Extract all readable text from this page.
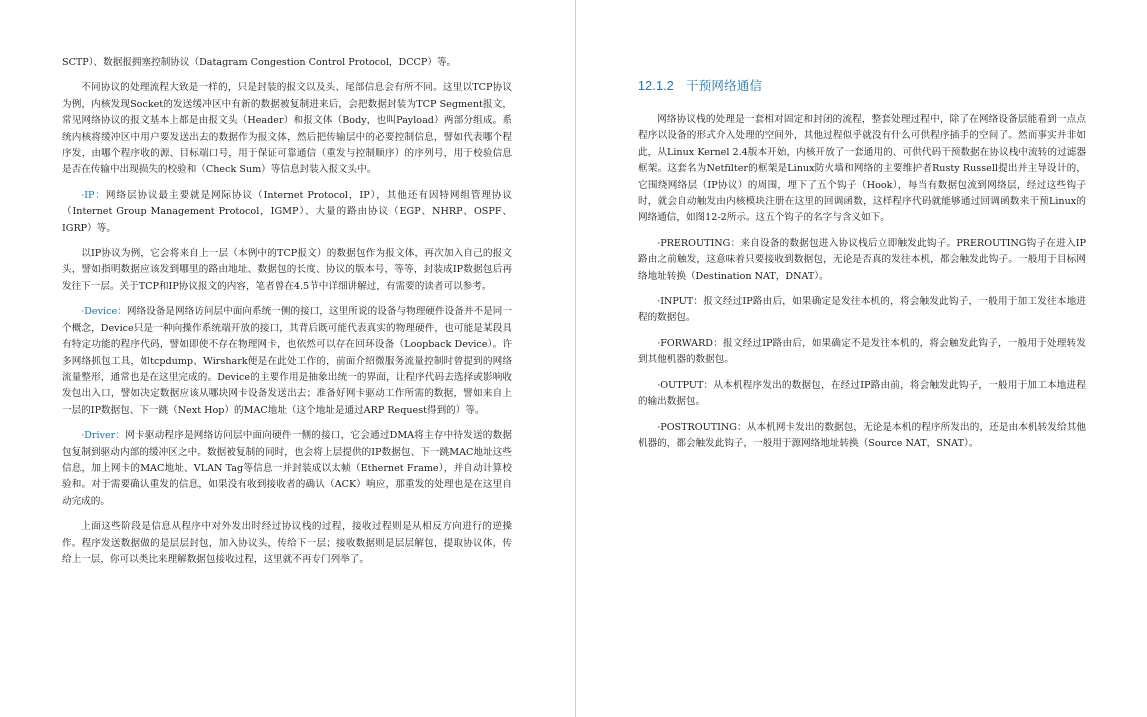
SCTP）、数据报拥塞控制协议（Datagram Congestion Control Protocol，DCCP）等。

不同协议的处理流程大致是一样的，只是封装的报文以及头、尾部信息会有所不同。这里以TCP协议为例，内核发现Socket的发送缓冲区中有新的数据被复制进来后，会把数据封装为TCP Segment报文，常见网络协议的报文基本上都是由报文头（Header）和报文体（Body，也叫Payload）两部分组成。系统内核将缓冲区中用户要发送出去的数据作为报文体，然后把传输层中的必要控制信息，譬如代表哪个程序发，由哪个程序收的源、目标端口号，用于保证可靠通信（重发与控制顺序）的序列号，用于校验信息是否在传输中出现损失的校验和（Check Sum）等信息封装入报文头中。

·IP：网络层协议最主要就是网际协议（Internet Protocol，IP），其他还有因特网组管理协议（Internet Group Management Protocol，IGMP）、大量的路由协议（EGP、NHRP、OSPF、IGRP）等。

以IP协议为例，它会将来自上一层（本例中的TCP报文）的数据包作为报文体，再次加入自己的报文头，譬如指明数据应该发到哪里的路由地址、数据包的长度、协议的版本号，等等，封装成IP数据包后再发往下一层。关于TCP和IP协议报文的内容，笔者曾在4.5节中详细讲解过，有需要的读者可以参考。

·Device：网络设备是网络访问层中面向系统一侧的接口，这里所说的设备与物理硬件设备并不是同一个概念，Device只是一种向操作系统端开放的接口，其背后既可能代表真实的物理硬件，也可能是某段具有特定功能的程序代码，譬如即使不存在物理网卡，也依然可以存在回环设备（Loopback Device）。许多网络抓包工具，如tcpdump、Wirshark便是在此处工作的，前面介绍微服务流量控制时曾提到的网络流量整形，通常也是在这里完成的。Device的主要作用是抽象出统一的界面，让程序代码去选择或影响收发包出入口，譬如决定数据应该从哪块网卡设备发送出去；准备好网卡驱动工作所需的数据，譬如来自上一层的IP数据包、下一跳（Next Hop）的MAC地址（这个地址是通过ARP Request得到的）等。

·Driver：网卡驱动程序是网络访问层中面向硬件一侧的接口，它会通过DMA将主存中待发送的数据包复制到驱动内部的缓冲区之中。数据被复制的同时，也会将上层提供的IP数据包、下一跳MAC地址这些信息，加上网卡的MAC地址、VLAN Tag等信息一并封装成以太帧（Ethernet Frame），并自动计算校验和。对于需要确认重发的信息，如果没有收到接收者的确认（ACK）响应，那重发的处理也是在这里自动完成的。

上面这些阶段是信息从程序中对外发出时经过协议栈的过程，接收过程则是从相反方向进行的逆操作。程序发送数据做的是层层封包，加入协议头，传给下一层；接收数据则是层层解包，提取协议体，传给上一层，你可以类比来理解数据包接收过程，这里就不再专门列举了。

12.1.2 干预网络通信

网络协议栈的处理是一套相对固定和封闭的流程，整套处理过程中，除了在网络设备层能看到一点点程序以设备的形式介入处理的空间外，其他过程似乎就没有什么可供程序插手的空间了。然而事实并非如此，从Linux Kernel 2.4版本开始，内核开放了一套通用的、可供代码干预数据在协议栈中流转的过滤器框架。这套名为Netfilter的框架是Linux防火墙和网络的主要维护者Rusty Russell提出并主导设计的，它围绕网络层（IP协议）的周围，埋下了五个钩子（Hook），每当有数据包流到网络层，经过这些钩子时，就会自动触发由内核模块注册在这里的回调函数，这样程序代码就能够通过回调函数来干预Linux的网络通信，如图12-2所示。这五个钩子的名字与含义如下。

·PREROUTING：来自设备的数据包进入协议栈后立即触发此钩子。PREROUTING钩子在进入IP路由之前触发，这意味着只要接收到数据包，无论是否真的发往本机，都会触发此钩子。一般用于目标网络地址转换（Destination NAT，DNAT）。

·INPUT：报文经过IP路由后，如果确定是发往本机的，将会触发此钩子，一般用于加工发往本地进程的数据包。

·FORWARD：报文经过IP路由后，如果确定不是发往本机的，将会触发此钩子，一般用于处理转发到其他机器的数据包。

·OUTPUT：从本机程序发出的数据包，在经过IP路由前，将会触发此钩子，一般用于加工本地进程的输出数据包。

·POSTROUTING：从本机网卡发出的数据包，无论是本机的程序所发出的，还是由本机转发给其他机器的，都会触发此钩子，一般用于源网络地址转换（Source NAT，SNAT）。
